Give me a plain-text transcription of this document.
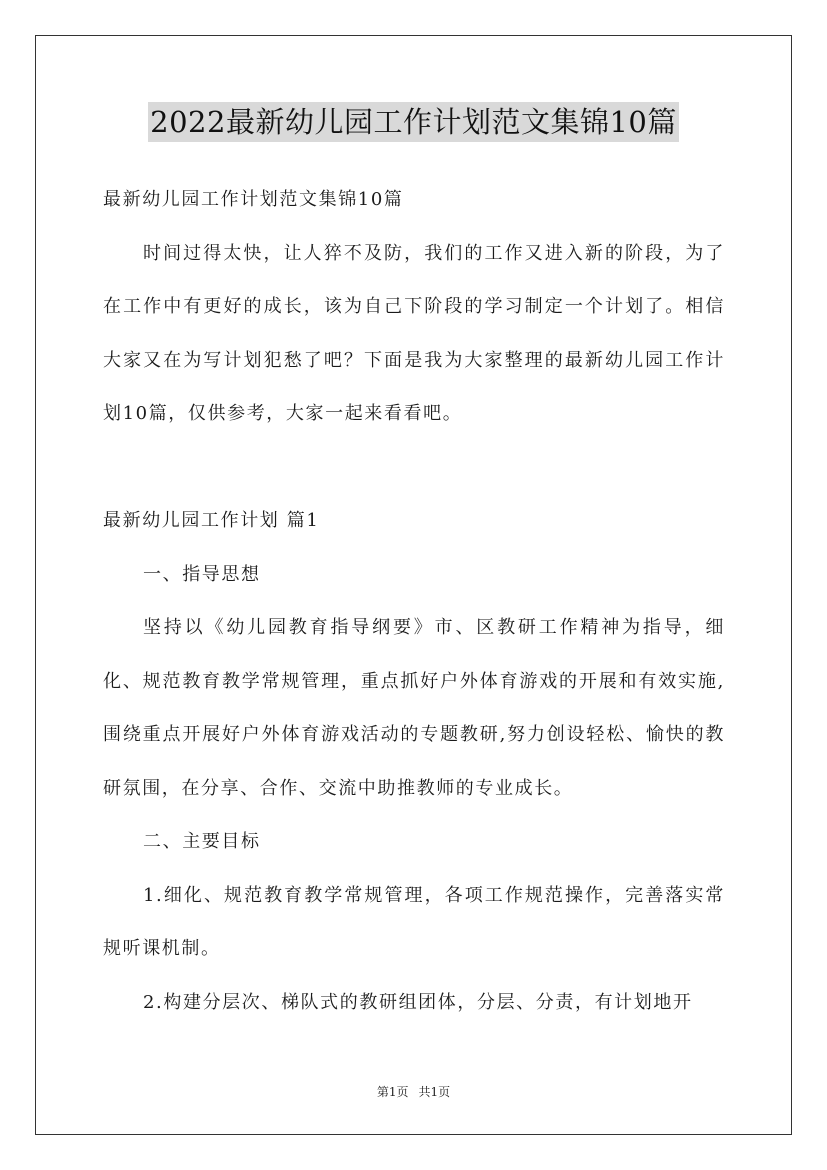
2022最新幼儿园工作计划范文集锦10篇

最新幼儿园工作计划范文集锦10篇

时间过得太快，让人猝不及防，我们的工作又进入新的阶段，为了在工作中有更好的成长，该为自己下阶段的学习制定一个计划了。相信大家又在为写计划犯愁了吧？下面是我为大家整理的最新幼儿园工作计划10篇，仅供参考，大家一起来看看吧。

最新幼儿园工作计划 篇1

一、指导思想

坚持以《幼儿园教育指导纲要》市、区教研工作精神为指导，细化、规范教育教学常规管理，重点抓好户外体育游戏的开展和有效实施,围绕重点开展好户外体育游戏活动的专题教研,努力创设轻松、愉快的教研氛围，在分享、合作、交流中助推教师的专业成长。

二、主要目标

1.细化、规范教育教学常规管理，各项工作规范操作，完善落实常规听课机制。

2.构建分层次、梯队式的教研组团体，分层、分责，有计划地开

第1页 共1页
